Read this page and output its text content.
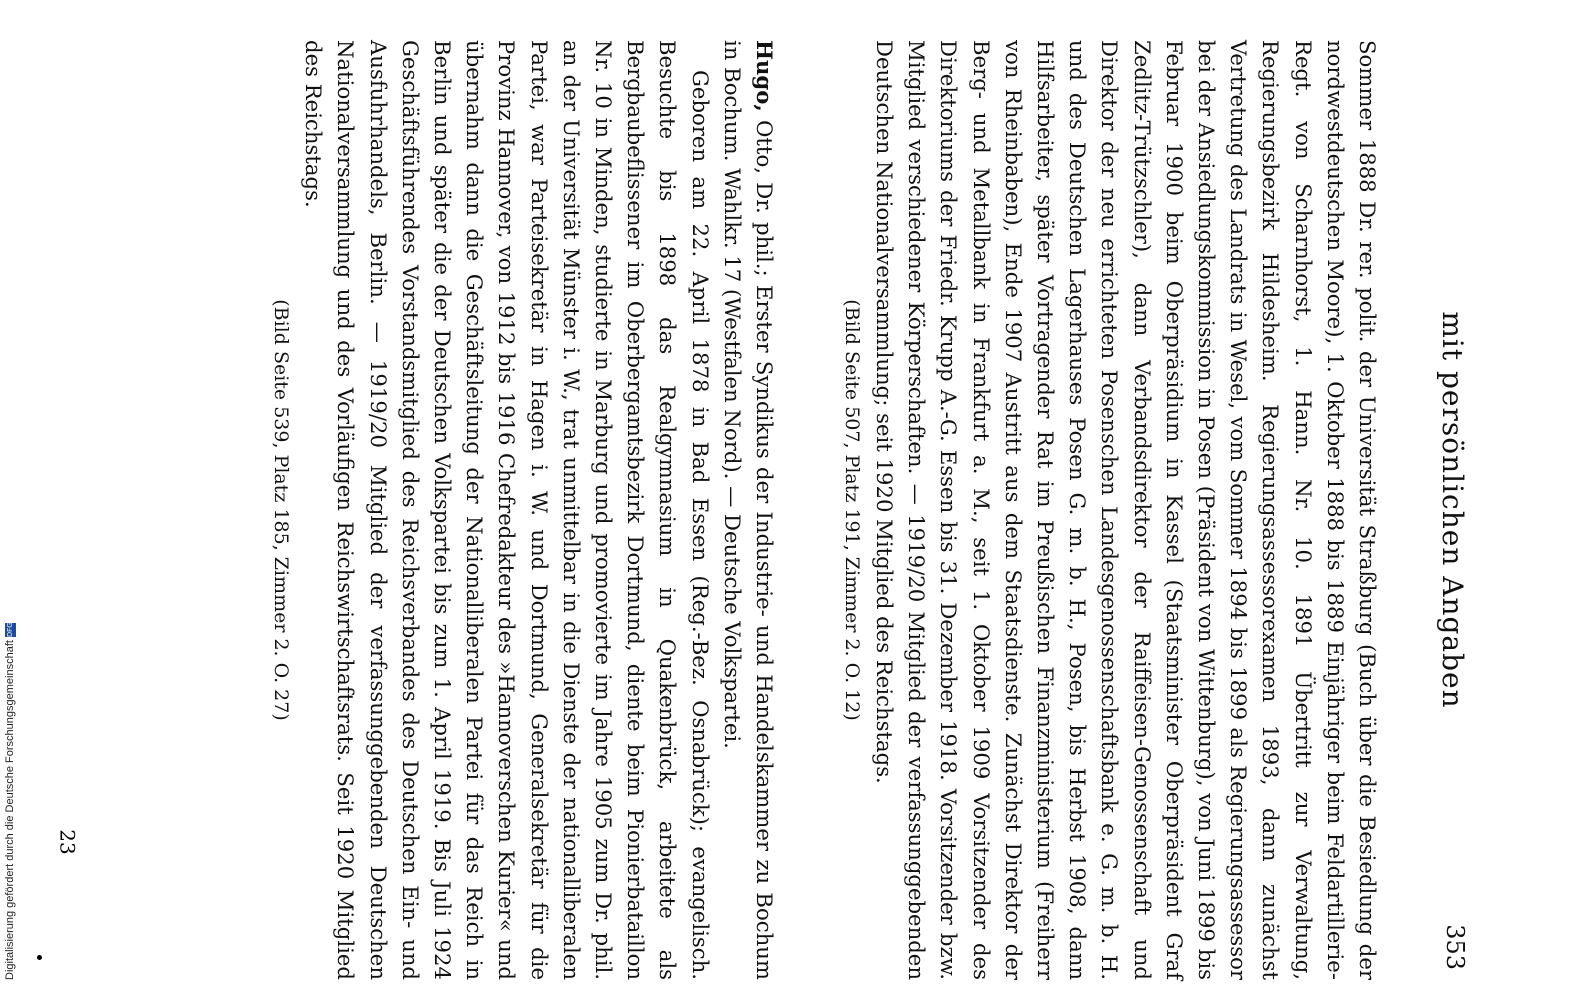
mit persönlichen Angaben
353

Sommer 1888 Dr. rer. polit. der Universität Straßburg (Buch über die Besiedlung der nordwestdeutschen Moore), 1. Oktober 1888 bis 1889 Einjähriger beim Feldartillerie-Regt. von Scharnhorst, 1. Hann. Nr. 10. 1891 Übertritt zur Verwaltung, Regierungsbezirk Hildesheim. Regierungsassessorexamen 1893, dann zunächst Vertretung des Landrats in Wesel, vom Sommer 1894 bis 1899 als Regierungsassessor bei der Ansiedlungskommission in Posen (Präsident von Wittenburg), von Juni 1899 bis Februar 1900 beim Oberpräsidium in Kassel (Staatsminister Oberpräsident Graf Zedlitz-Trützschler), dann Verbandsdirektor der Raiffeisen-Genossenschaft und Direktor der neu errichteten Posenschen Landesgenossenschaftsbank e. G. m. b. H. und des Deutschen Lagerhauses Posen G. m. b. H., Posen, bis Herbst 1908, dann Hilfsarbeiter, später Vortragender Rat im Preußischen Finanzministerium (Freiherr von Rheinbaben), Ende 1907 Austritt aus dem Staatsdienste. Zunächst Direktor der Berg- und Metallbank in Frankfurt a. M., seit 1. Oktober 1909 Vorsitzender des Direktoriums der Friedr. Krupp A.-G. Essen bis 31. Dezember 1918. Vorsitzender bzw. Mitglied verschiedener Körperschaften. — 1919/20 Mitglied der verfassunggebenden Deutschen Nationalversammlung; seit 1920 Mitglied des Reichstags.

(Bild Seite 507, Platz 191, Zimmer 2. O. 12)

Hugo, Otto, Dr. phil.; Erster Syndikus der Industrie- und Handelskammer zu Bochum in Bochum. Wahlkr. 17 (Westfalen Nord). — Deutsche Volkspartei.

Geboren am 22. April 1878 in Bad Essen (Reg.-Bez. Osnabrück); evangelisch. Besuchte bis 1898 das Realgymnasium in Quakenbrück, arbeitete als Bergbaubeflissener im Oberbergamtsbezirk Dortmund, diente beim Pionierbataillon Nr. 10 in Minden, studierte in Marburg und promovierte im Jahre 1905 zum Dr. phil. an der Universität Münster i. W., trat unmittelbar in die Dienste der nationalliberalen Partei, war Parteisekretär in Hagen i. W. und Dortmund, Generalsekretär für die Provinz Hannover, von 1912 bis 1916 Chefredakteur des »Hannoverschen Kurier« und übernahm dann die Geschäftsleitung der Nationalliberalen Partei für das Reich in Berlin und später die der Deutschen Volkspartei bis zum 1. April 1919. Bis Juli 1924 Geschäftsführendes Vorstandsmitglied des Reichsverbandes des Deutschen Ein- und Ausfuhrhandels, Berlin. — 1919/20 Mitglied der verfassunggebenden Deutschen Nationalversammlung und des Vorläufigen Reichswirtschaftsrats. Seit 1920 Mitglied des Reichstags.

(Bild Seite 539, Platz 185, Zimmer 2. O. 27)

23
Digitalisierung gefördert durch die Deutsche Forschungsgemeinschaft DFG
